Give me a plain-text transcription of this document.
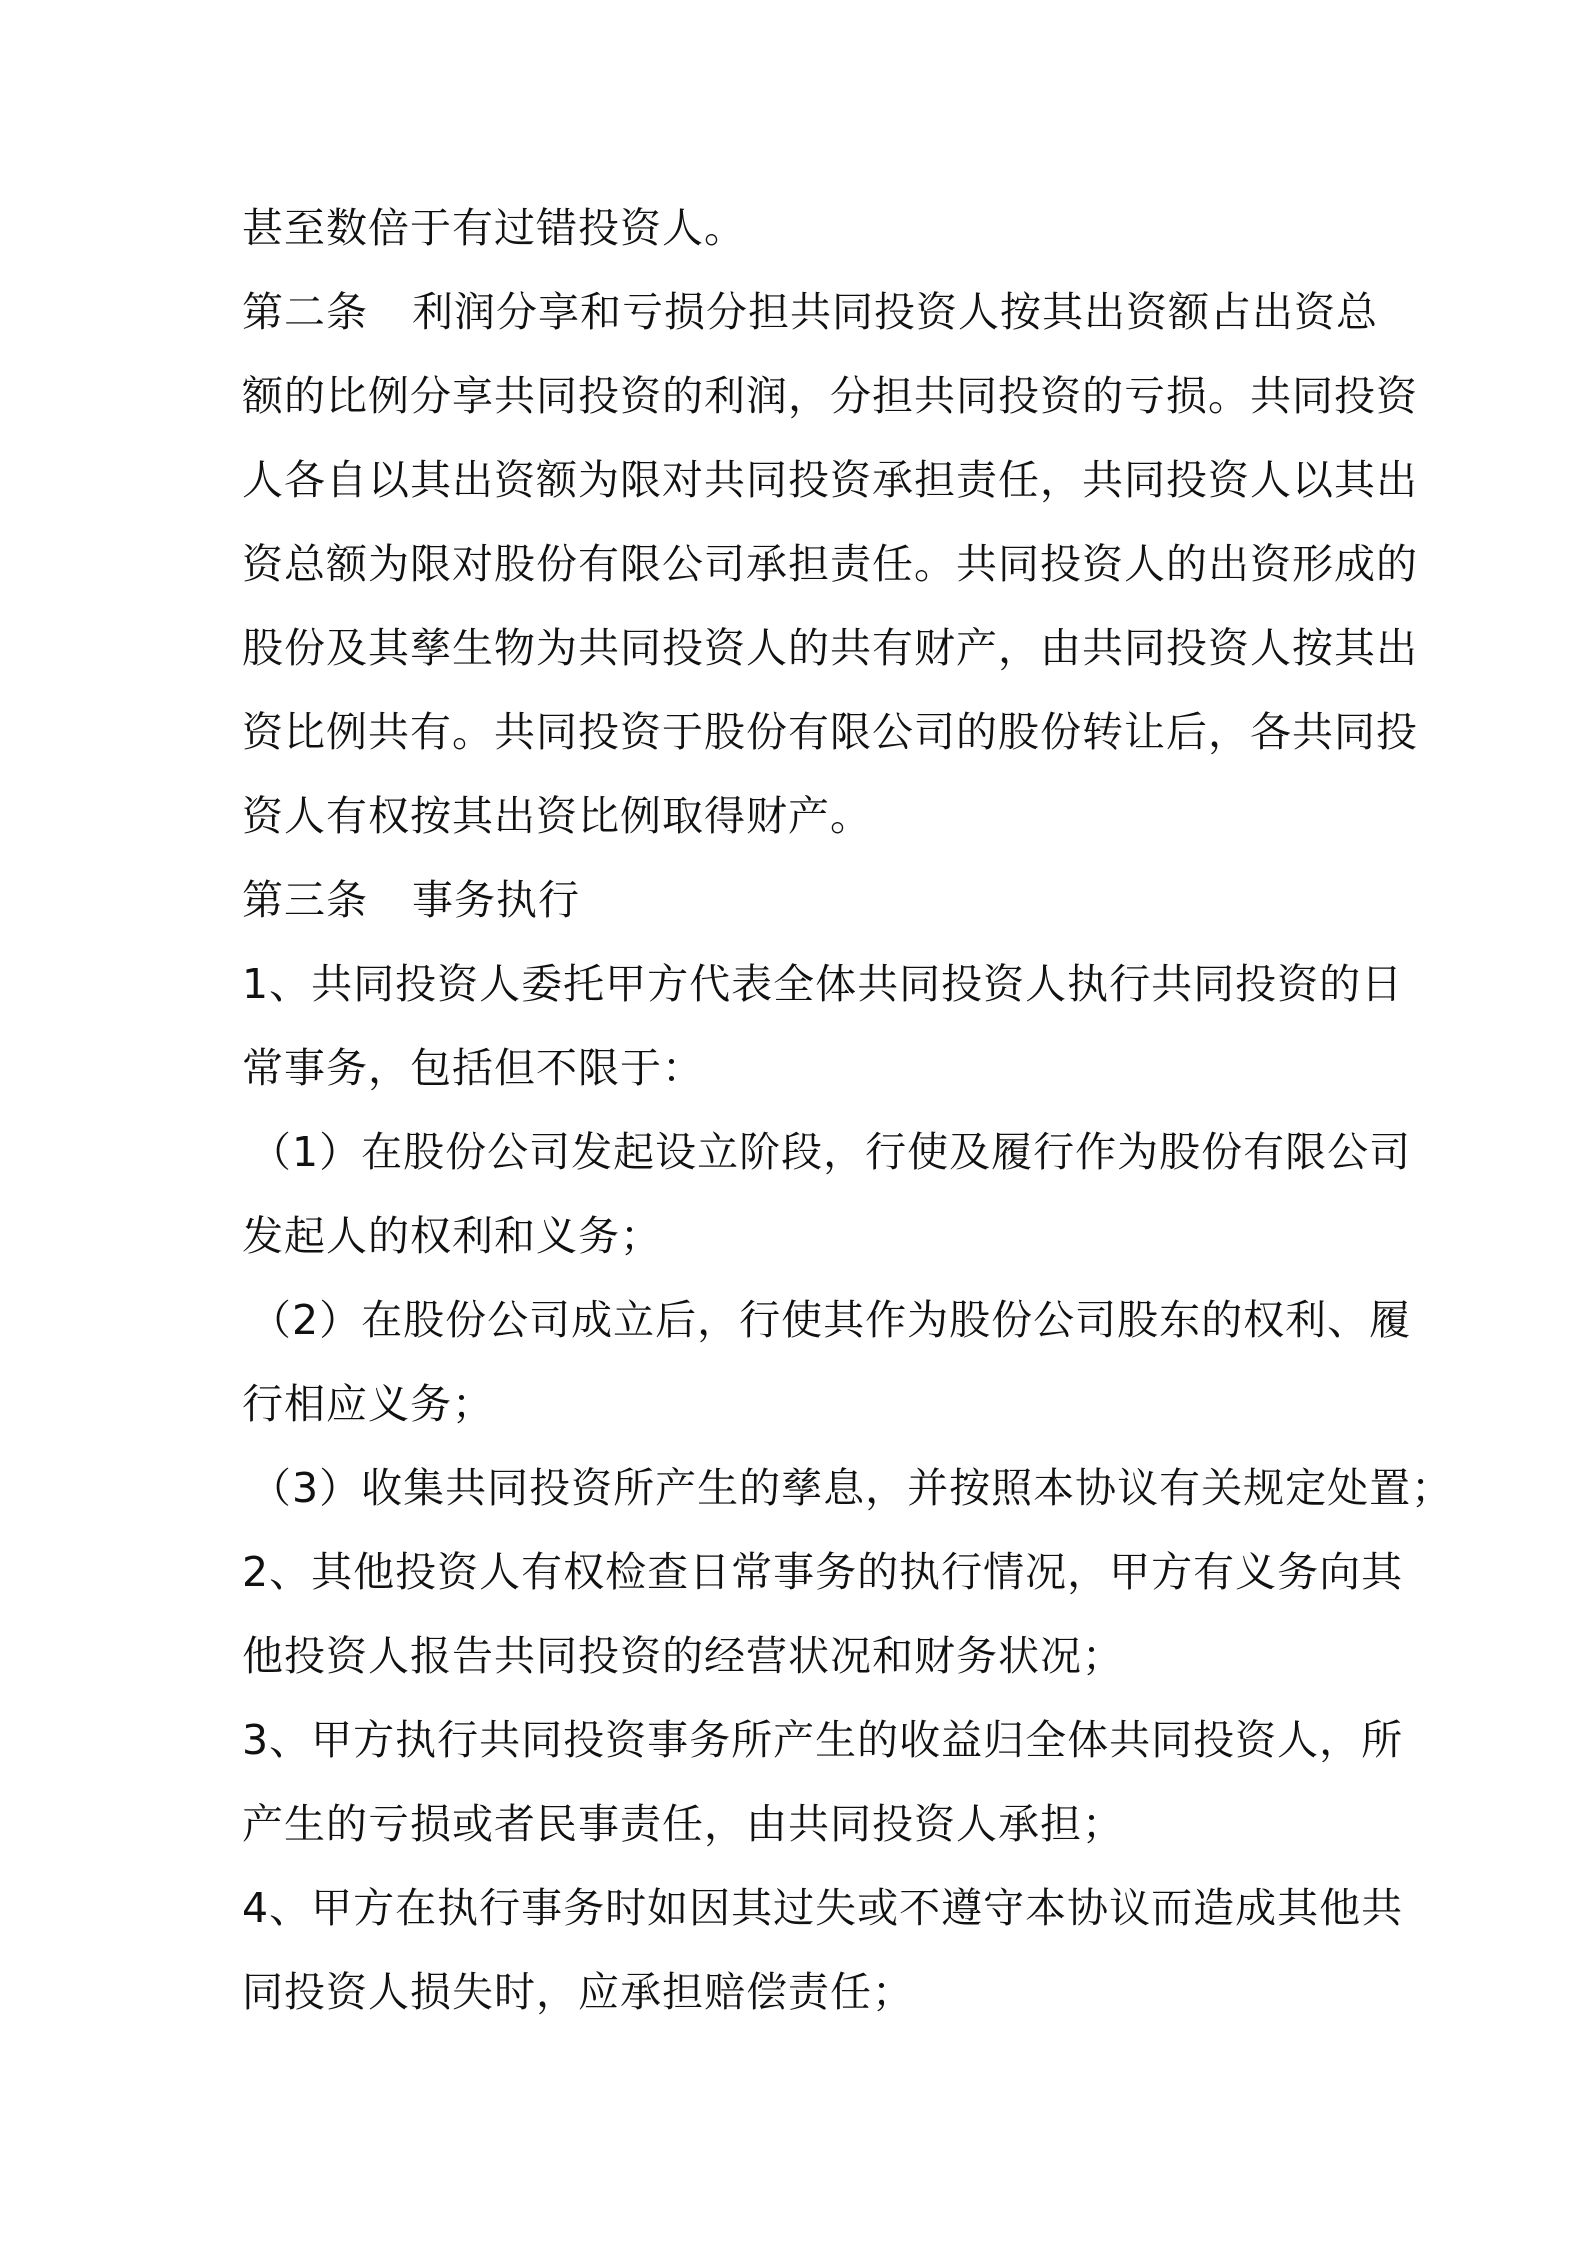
甚至数倍于有过错投资人。
第二条 利润分享和亏损分担共同投资人按其出资额占出资总
额的比例分享共同投资的利润，分担共同投资的亏损。共同投资
人各自以其出资额为限对共同投资承担责任，共同投资人以其出
资总额为限对股份有限公司承担责任。共同投资人的出资形成的
股份及其孳生物为共同投资人的共有财产，由共同投资人按其出
资比例共有。共同投资于股份有限公司的股份转让后，各共同投
资人有权按其出资比例取得财产。
第三条 事务执行
1、共同投资人委托甲方代表全体共同投资人执行共同投资的日
常事务，包括但不限于：
（1）在股份公司发起设立阶段，行使及履行作为股份有限公司
发起人的权利和义务；
（2）在股份公司成立后，行使其作为股份公司股东的权利、履
行相应义务；
（3）收集共同投资所产生的孳息，并按照本协议有关规定处置；
2、其他投资人有权检查日常事务的执行情况，甲方有义务向其
他投资人报告共同投资的经营状况和财务状况；
3、甲方执行共同投资事务所产生的收益归全体共同投资人，所
产生的亏损或者民事责任，由共同投资人承担；
4、甲方在执行事务时如因其过失或不遵守本协议而造成其他共
同投资人损失时，应承担赔偿责任；
